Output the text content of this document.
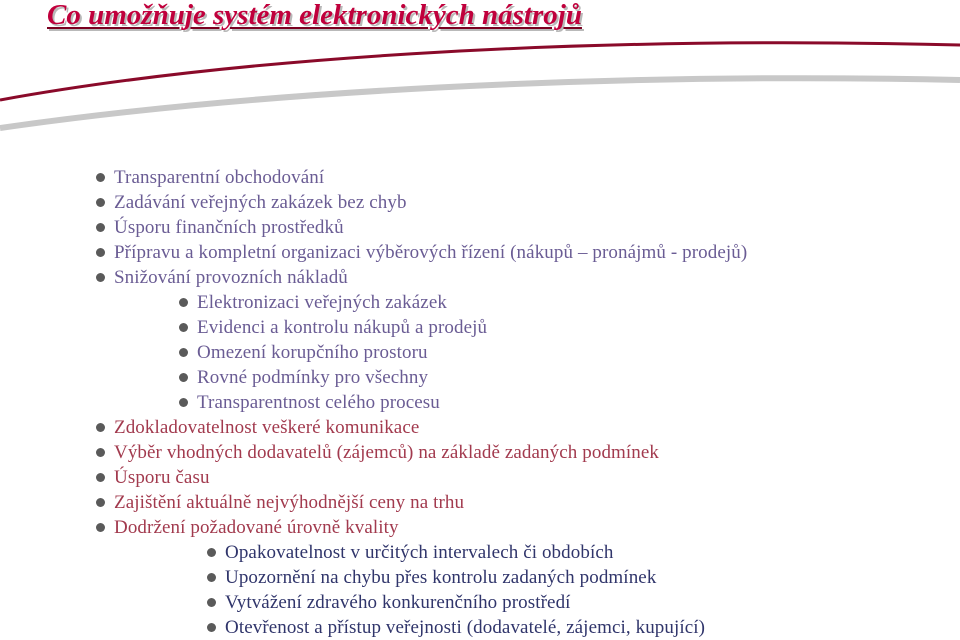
Co umožňuje systém elektronických nástrojů
Transparentní obchodování
Zadávání veřejných zakázek bez chyb
Úsporu finančních prostředků
Přípravu a kompletní organizaci výběrových řízení (nákupů – pronájmů - prodejů)
Snižování provozních nákladů
Elektronizaci veřejných zakázek
Evidenci a kontrolu nákupů a prodejů
Omezení korupčního prostoru
Rovné podmínky pro všechny
Transparentnost celého procesu
Zdokladovatelnost veškeré komunikace
Výběr vhodných dodavatelů (zájemců) na základě zadaných podmínek
Úsporu času
Zajištění aktuálně nejvýhodnější ceny na trhu
Dodržení požadované úrovně kvality
Opakovatelnost v určitých intervalech či obdobích
Upozornění na chybu přes kontrolu zadaných podmínek
Vytvážení zdravého konkurenčního prostředí
Otevřenost a přístup veřejnosti (dodavatelé, zájemci, kupující)
